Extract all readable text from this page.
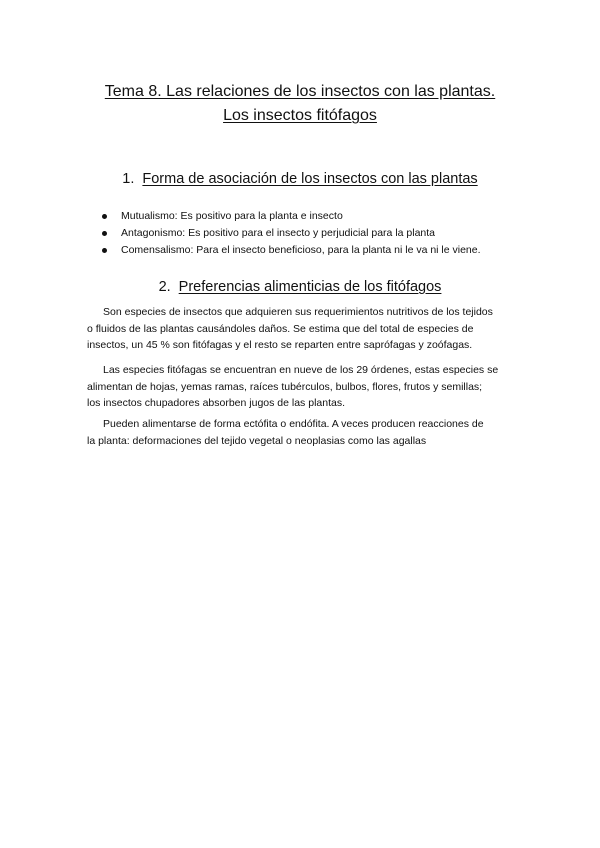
Tema 8. Las relaciones de los insectos con las plantas.
Los insectos fitófagos
1. Forma de asociación de los insectos con las plantas
Mutualismo: Es positivo para la planta e insecto
Antagonismo: Es positivo para el insecto y perjudicial para la planta
Comensalismo: Para el insecto beneficioso, para la planta ni le va ni le viene.
2. Preferencias alimenticias de los fitófagos

Son especies de insectos que adquieren sus requerimientos nutritivos de los tejidos
o fluidos de las plantas causándoles daños. Se estima que del total de especies de
insectos, un 45 % son fitófagas y el resto se reparten entre saprófagas y zoófagas.

Las especies fitófagas se encuentran en nueve de los 29 órdenes, estas especies se
alimentan de hojas, yemas ramas, raíces tubérculos, bulbos, flores, frutos y semillas;
los insectos chupadores absorben jugos de las plantas.

Pueden alimentarse de forma ectófita o endófita. A veces producen reacciones de
la planta: deformaciones del tejido vegetal o neoplasias como las agallas
